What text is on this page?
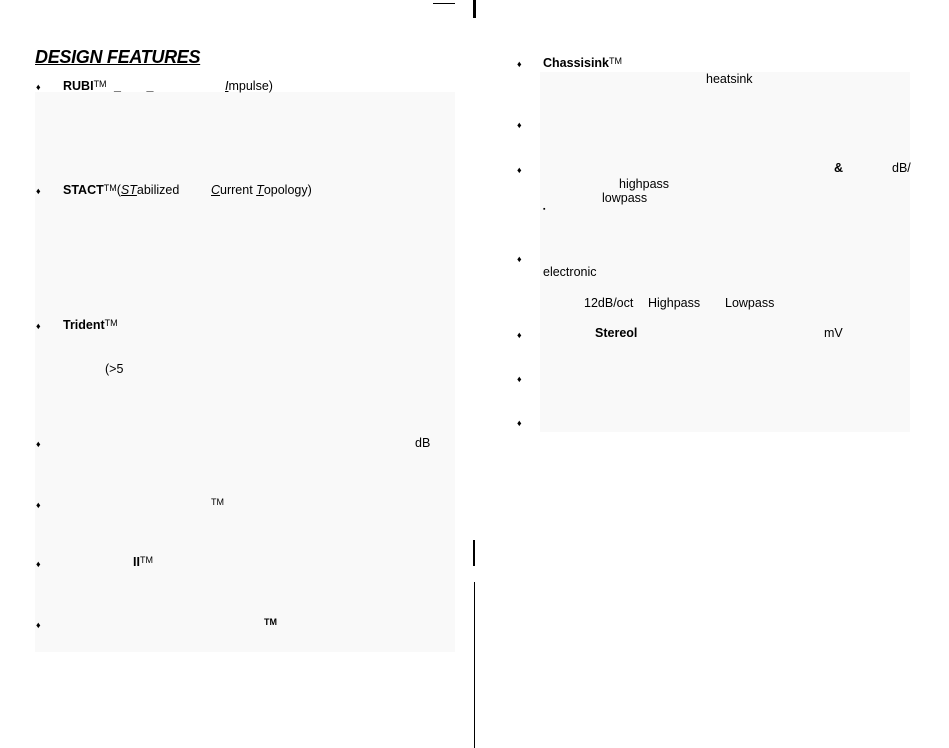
DESIGN FEATURES
♦ RUBI™ _ _	Impulse)
♦ STACT™(STabilized	Current Topology)
♦ Trident™
(>5
♦	dB
♦	TM
♦	II™
♦	TM
♦ Chassisink™
heatsink
♦
♦	&	dB/
highpass
lowpass
▪
♦
electronic
12dB/oct Highpass Lowpass
♦	Stereol	mV
♦
♦
